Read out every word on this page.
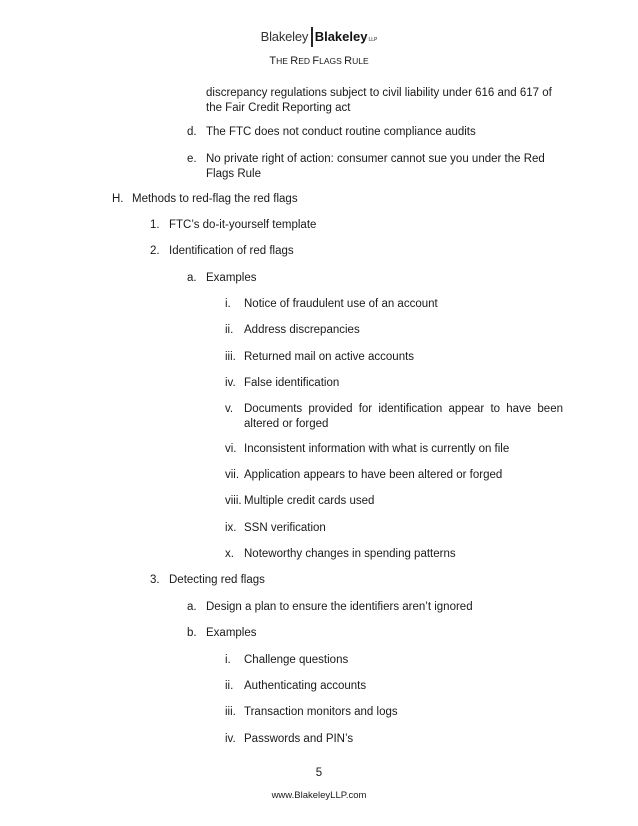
Blakeley BlakeleyLLP
THE RED FLAGS RULE
discrepancy regulations subject to civil liability under 616 and 617 of the Fair Credit Reporting act
d. The FTC does not conduct routine compliance audits
e. No private right of action: consumer cannot sue you under the Red Flags Rule
H. Methods to red-flag the red flags
1. FTC’s do-it-yourself template
2. Identification of red flags
a. Examples
i. Notice of fraudulent use of an account
ii. Address discrepancies
iii. Returned mail on active accounts
iv. False identification
v. Documents provided for identification appear to have been altered or forged
vi. Inconsistent information with what is currently on file
vii. Application appears to have been altered or forged
viii. Multiple credit cards used
ix. SSN verification
x. Noteworthy changes in spending patterns
3. Detecting red flags
a. Design a plan to ensure the identifiers aren’t ignored
b. Examples
i. Challenge questions
ii. Authenticating accounts
iii. Transaction monitors and logs
iv. Passwords and PIN’s
5
www.BlakeleyLLP.com
